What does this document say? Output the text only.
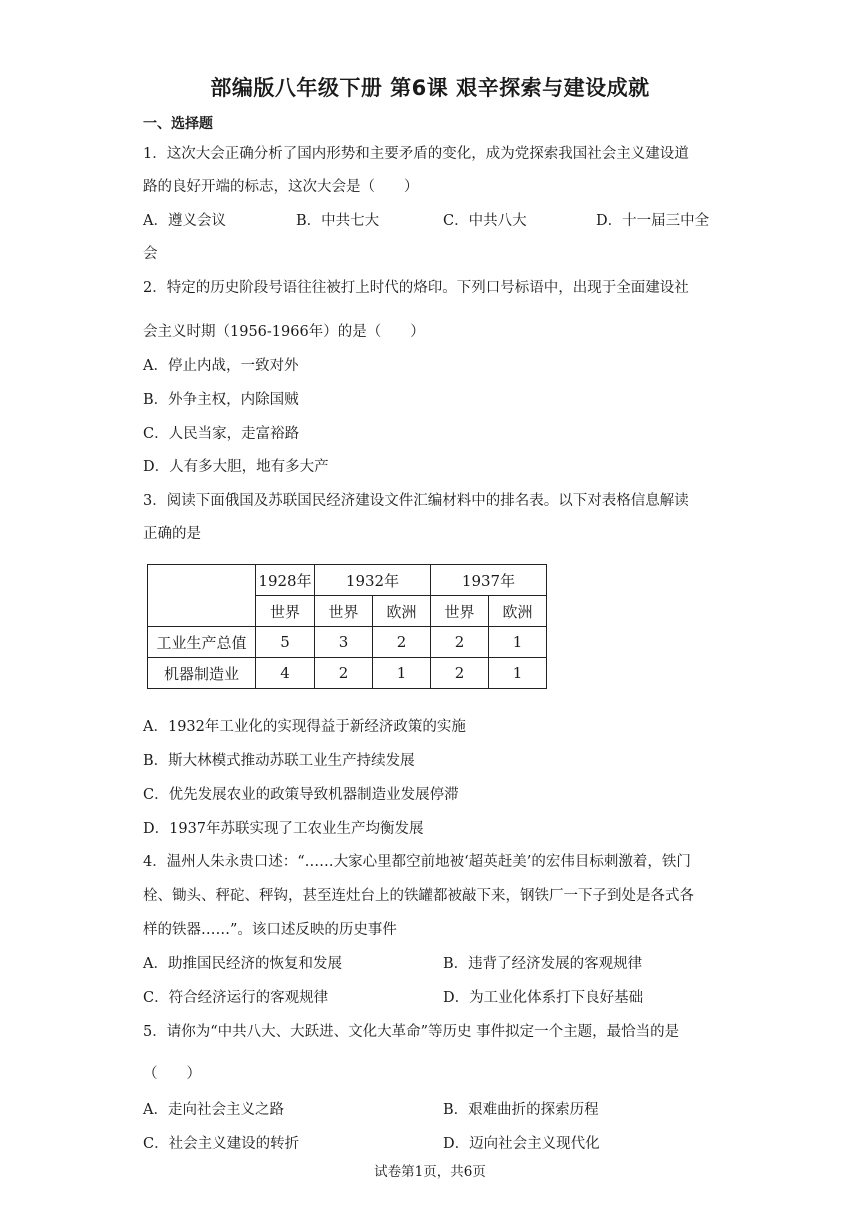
部编版八年级下册 第6课 艰辛探索与建设成就
一、选择题
1．这次大会正确分析了国内形势和主要矛盾的变化，成为党探索我国社会主义建设道
路的良好开端的标志，这次大会是（　　）
A．遵义会议	B．中共七大	C．中共八大	D．十一届三中全
会
2．特定的历史阶段号语往往被打上时代的烙印。下列口号标语中，出现于全面建设社
会主义时期（1956-1966年）的是（　　）
A．停止内战，一致对外
B．外争主权，内除国贼
C．人民当家，走富裕路
D．人有多大胆，地有多大产
3．阅读下面俄国及苏联国民经济建设文件汇编材料中的排名表。以下对表格信息解读
正确的是
	1928年	1932年		1937年	
	世界	世界	欧洲	世界	欧洲
工业生产总值	5	3	2	2	1
机器制造业	4	2	1	2	1
A．1932年工业化的实现得益于新经济政策的实施
B．斯大林模式推动苏联工业生产持续发展
C．优先发展农业的政策导致机器制造业发展停滞
D．1937年苏联实现了工农业生产均衡发展
4．温州人朱永贵口述：“……大家心里都空前地被‘超英赶美’的宏伟目标刺激着，铁门
栓、锄头、秤砣、秤钩，甚至连灶台上的铁罐都被敲下来，钢铁厂一下子到处是各式各
样的铁器……”。该口述反映的历史事件
A．助推国民经济的恢复和发展	B．违背了经济发展的客观规律
C．符合经济运行的客观规律	D．为工业化体系打下良好基础
5．请你为“中共八大、大跃进、文化大革命”等历史 事件拟定一个主题，最恰当的是
（　　）
A．走向社会主义之路	B．艰难曲折的探索历程
C．社会主义建设的转折	D．迈向社会主义现代化
试卷第1页，共6页
